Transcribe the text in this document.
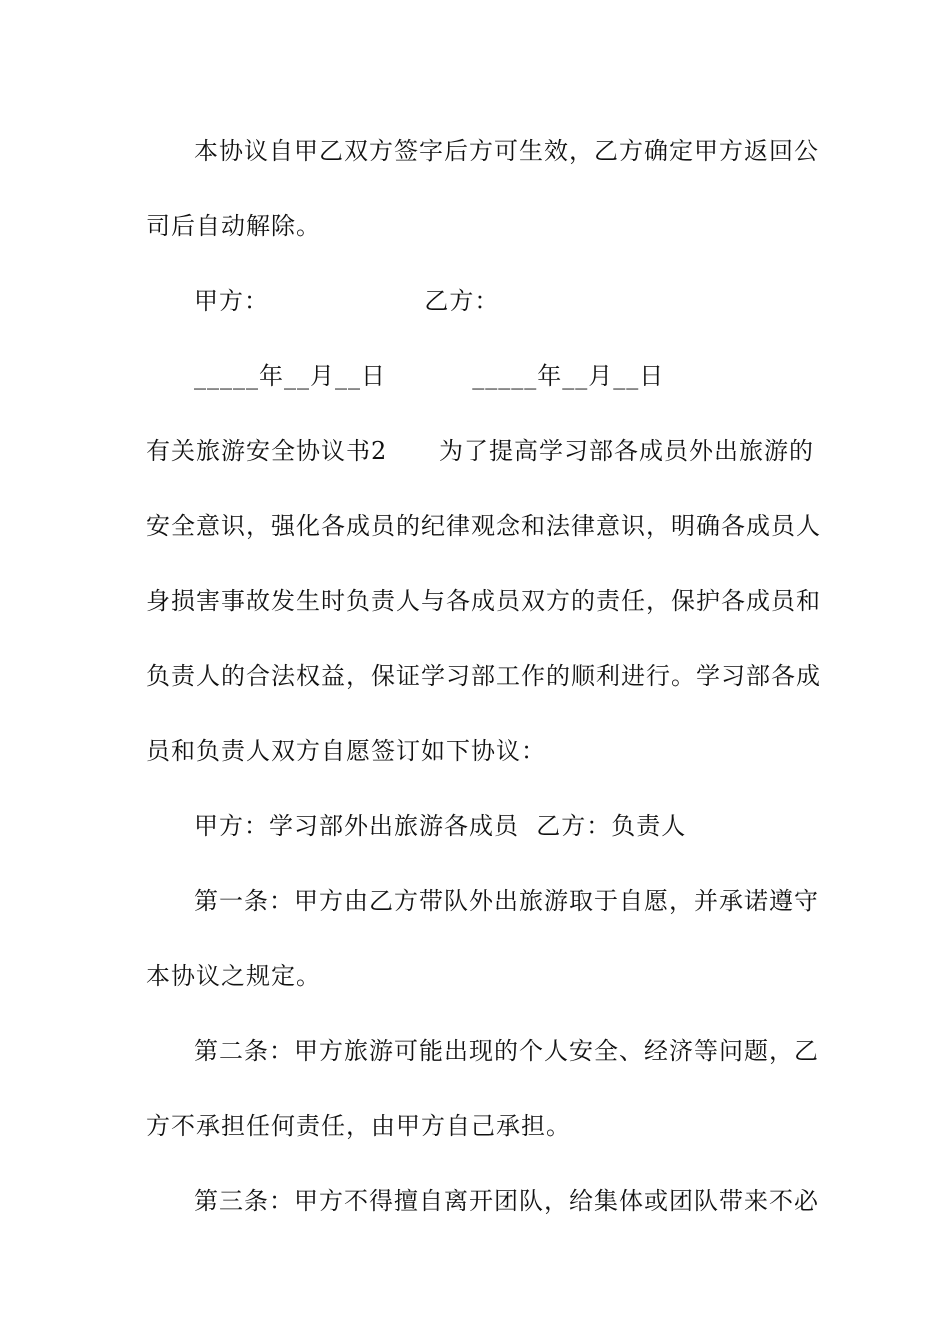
本协议自甲乙双方签字后方可生效，乙方确定甲方返回公
司后自动解除。
甲方：                  乙方：
_____年__月__日          _____年__月__日
有关旅游安全协议书2      为了提高学习部各成员外出旅游的
安全意识，强化各成员的纪律观念和法律意识，明确各成员人
身损害事故发生时负责人与各成员双方的责任，保护各成员和
负责人的合法权益，保证学习部工作的顺利进行。学习部各成
员和负责人双方自愿签订如下协议：
甲方：学习部外出旅游各成员  乙方：负责人
第一条：甲方由乙方带队外出旅游取于自愿，并承诺遵守
本协议之规定。
第二条：甲方旅游可能出现的个人安全、经济等问题，乙
方不承担任何责任，由甲方自己承担。
第三条：甲方不得擅自离开团队，给集体或团队带来不必
